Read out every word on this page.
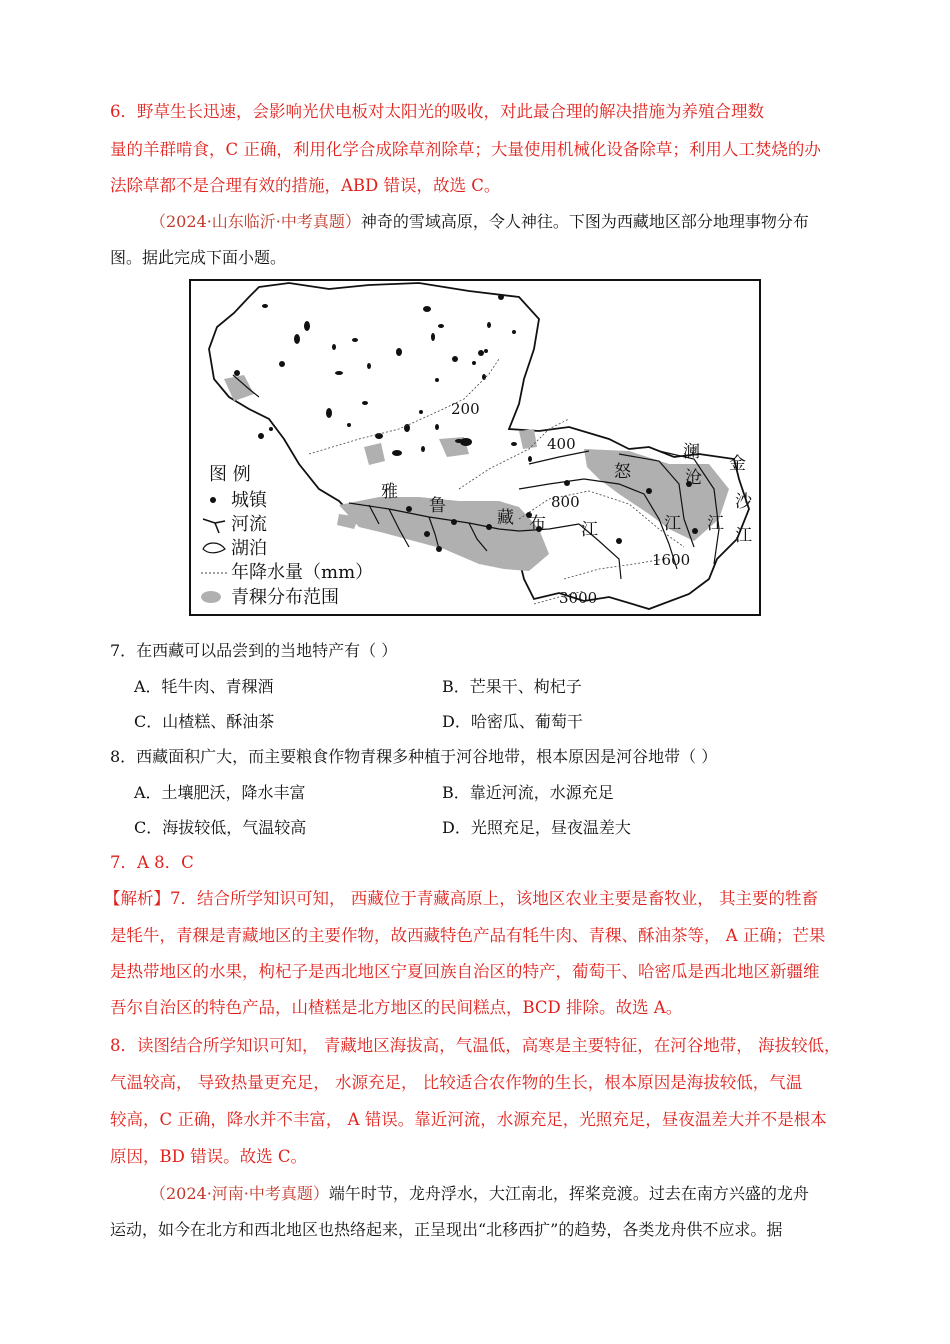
6．野草生长迅速，会影响光伏电板对太阳光的吸收，对此最合理的解决措施为养殖合理数
量的羊群啃食，C 正确，利用化学合成除草剂除草；大量使用机械化设备除草；利用人工焚烧的办
法除草都不是合理有效的措施，ABD 错误，故选 C。
（2024·山东临沂·中考真题）神奇的雪域高原，令人神往。下图为西藏地区部分地理事物分布
图。据此完成下面小题。
200
400
800
1600
3000
雅
鲁
藏 布 江
怒
江
澜
沧
江
金
沙
江
图 例
城镇
河流
湖泊
年降水量（mm）
青稞分布范围
7．在西藏可以品尝到的当地特产有（ ）
A．牦牛肉、青稞酒	B．芒果干、枸杞子
C．山楂糕、酥油茶	D．哈密瓜、葡萄干
8．西藏面积广大，而主要粮食作物青稞多种植于河谷地带，根本原因是河谷地带（ ）
A．土壤肥沃，降水丰富	B．靠近河流，水源充足
C．海拔较低，气温较高	D．光照充足，昼夜温差大
7．A 8．C
【解析】7．结合所学知识可知， 西藏位于青藏高原上，该地区农业主要是畜牧业， 其主要的牲畜
是牦牛，青稞是青藏地区的主要作物，故西藏特色产品有牦牛肉、青稞、酥油茶等， A 正确；芒果
是热带地区的水果，枸杞子是西北地区宁夏回族自治区的特产，葡萄干、哈密瓜是西北地区新疆维
吾尔自治区的特色产品，山楂糕是北方地区的民间糕点，BCD 排除。故选 A。
8．读图结合所学知识可知， 青藏地区海拔高，气温低，高寒是主要特征，在河谷地带， 海拔较低，
气温较高， 导致热量更充足， 水源充足， 比较适合农作物的生长，根本原因是海拔较低，气温
较高，C 正确，降水并不丰富， A 错误。靠近河流，水源充足，光照充足，昼夜温差大并不是根本
原因，BD 错误。故选 C。
（2024·河南·中考真题）端午时节，龙舟浮水，大江南北，挥桨竞渡。过去在南方兴盛的龙舟
运动，如今在北方和西北地区也热络起来，正呈现出“北移西扩”的趋势，各类龙舟供不应求。据
